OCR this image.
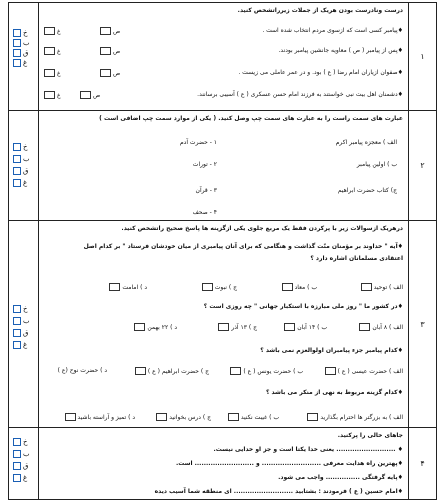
خ
ب
ق
غ
درست ونادرست بودن هریک از جملات زیرراتشخص کنید.
♦پیامبر کسی است که ازسوی مردم انتخاب شده است .
♦پس از پیامبر ( ص ) معاویه جانشین پیامبر بودند.
♦صفوان ازیاران امام رضا ( ع ) بود. و در عمر عاملی می زیست .
♦دشمنان اهل بیت نبی خواستند به فرزند امام حسن عسکری ( ع ) آسیبی برسانند.
ص
غ
ص
غ
ص
غ
ص
غ
۱
خ
ب
ق
غ
عبارت های سمت راست را به عبارت های سمت چپ وصل کنید. ( یکی از موارد سمت چپ اضافی است )
الف ) معجزه پیامبر اکرم
ب ) اولین پیامبر
ج) کتاب حضرت ابراهیم
۱ - حضرت آدم
۲ - تورات
۳ - قرآن
۴ - صحف
۲
خ
ب
ق
غ
درهریک ازسوالات زیر با پرکردن فقط یک مربع جلوی یکی ازگزینه ها پاسخ صحیح راتشخص کنید.
♦آیه " خداوند بر مؤمنان منّت گذاشت و هنگامی که برای آنان پیامبری از میان خودشان فرستاد " بر کدام اصل
اعتقادی مسلمانان اشاره دارد ؟
الف ) توحید
ب ) معاد
ج ) نبوت
د ) امامت
♦در کشور ما " روز ملی مبارزه با استکبار جهانی " چه روزی است ؟
الف ) ۸ آبان
ب ) ۱۴ آبان
ج ) ۱۳ آذر
د ) ۲۲ بهمن
♦کدام پیامبر جزء پیامبران اولوالعزم نمی باشد ؟
الف ) حضرت عیسی ( ع )
ب ) حضرت یونس ( ع )
ج ) حضرت ابراهیم ( ع )
د ) حضرت نوح (ع )
♦کدام گزینه مربوط به نهی از منکر می باشد ؟
الف ) به بزرگتر ها احترام بگذارید
ب ) غیبت نکنید
ج ) درس بخوانید
د ) تمیز و آراسته باشید
۳
خ
ب
ق
غ
جاهای خالی را پرکنید.
♦ .......................... یعنی خدا یکتا است و جز او خدایی نیست.
♦پهترین راه هدایت معرفی .......................... و .......................... است.
♦پایه گرفتگی ............... واجب می شود.
♦امام حسین ( ع ) فرمودند : بشتابید .......................... ای منطقه شما آسیب دیده
۴
